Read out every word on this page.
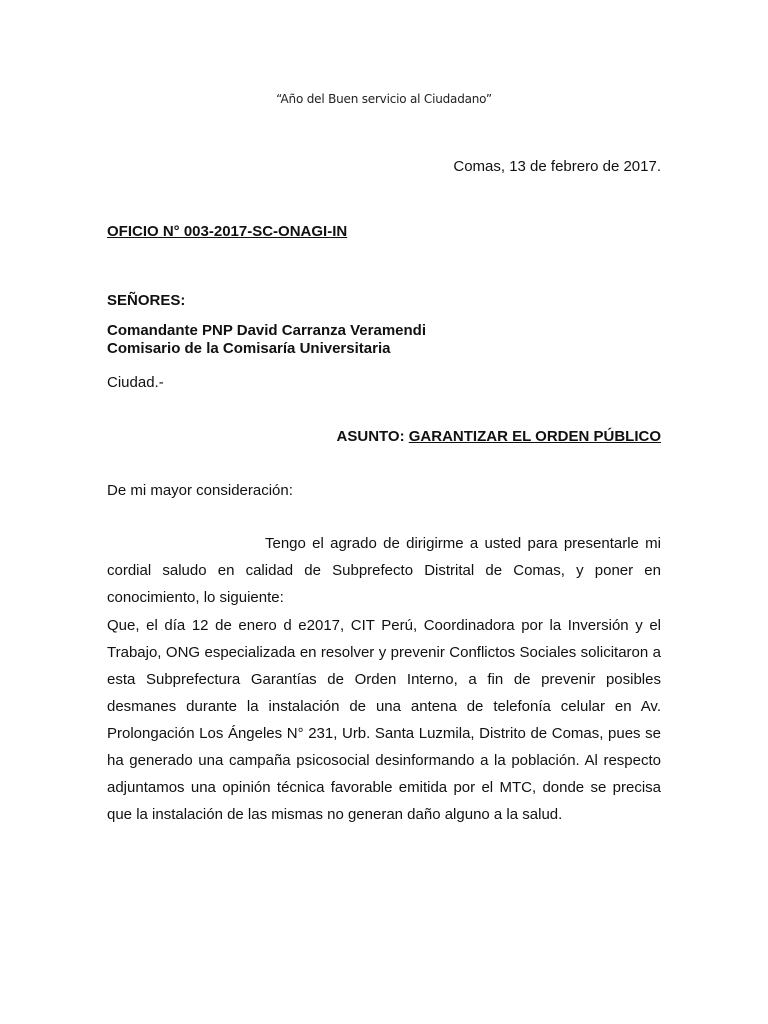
“Año del Buen servicio al Ciudadano”
Comas, 13 de febrero de 2017.
OFICIO N° 003-2017-SC-ONAGI-IN
SEÑORES:
Comandante PNP David Carranza Veramendi
Comisario de la Comisaría Universitaria
Ciudad.-
ASUNTO: GARANTIZAR EL ORDEN PÚBLICO
De mi mayor consideración:
Tengo el agrado de dirigirme a usted para presentarle mi cordial saludo en calidad de Subprefecto Distrital de Comas, y poner en conocimiento, lo siguiente:
Que, el día 12 de enero d e2017, CIT Perú, Coordinadora por la Inversión y el Trabajo, ONG especializada en resolver y prevenir Conflictos Sociales solicitaron a esta Subprefectura Garantías de Orden Interno, a fin de prevenir posibles desmanes durante la instalación de una antena de telefonía celular en Av. Prolongación Los Ángeles N° 231, Urb. Santa Luzmila, Distrito de Comas, pues se ha generado una campaña psicosocial desinformando a la población. Al respecto adjuntamos una opinión técnica favorable emitida por el MTC, donde se precisa que la instalación de las mismas no generan daño alguno a la salud.
